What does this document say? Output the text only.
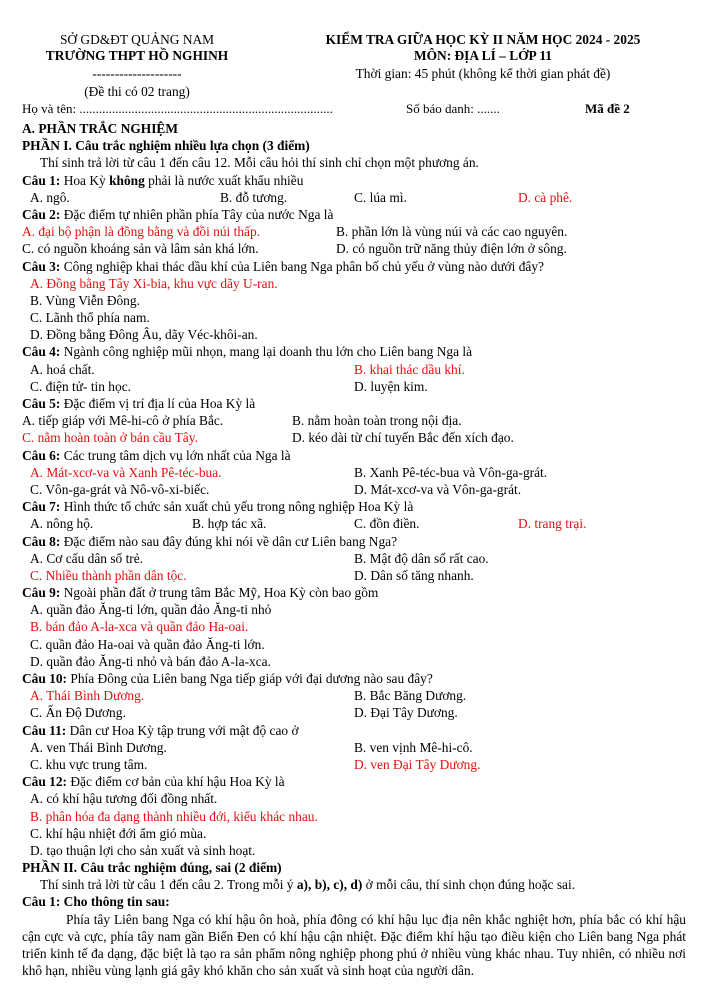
SỞ GD&ĐT QUẢNG NAM
TRƯỜNG THPT HỒ NGHINH
--------------------
(Đề thi có 02 trang)
KIỂM TRA GIỮA HỌC KỲ II NĂM HỌC 2024 - 2025
MÔN: ĐỊA LÍ – LỚP 11
Thời gian: 45 phút (không kể thời gian phát đề)
Họ và tên: ..............................................................................	Số báo danh: .......	Mã đề 2
A. PHẦN TRẮC NGHIỆM
PHẦN I. Câu trắc nghiệm nhiều lựa chọn (3 điểm)
Thí sinh trả lời từ câu 1 đến câu 12. Mỗi câu hỏi thí sinh chỉ chọn một phương án.
Câu 1: Hoa Kỳ không phải là nước xuất khẩu nhiều
A. ngô.	B. đỗ tương.	C. lúa mì.	D. cà phê.
Câu 2: Đặc điểm tự nhiên phần phía Tây của nước Nga là
A. đại bộ phận là đồng bằng và đồi núi thấp.	B. phần lớn là vùng núi và các cao nguyên.
C. có nguồn khoáng sản và lâm sản khá lớn.	D. có nguồn trữ năng thủy điện lớn ở sông.
Câu 3: Công nghiệp khai thác dầu khí của Liên bang Nga phân bố chủ yếu ở vùng nào dưới đây?
A. Đồng bằng Tây Xi-bia, khu vực dãy U-ran.
B. Vùng Viễn Đông.
C. Lãnh thổ phía nam.
D. Đồng bằng Đông Âu, dãy Véc-khôi-an.
Câu 4: Ngành công nghiệp mũi nhọn, mang lại doanh thu lớn cho Liên bang Nga là
A. hoá chất.	B. khai thác dầu khí.
C. điện tử- tin học.	D. luyện kim.
Câu 5: Đặc điểm vị trí địa lí của Hoa Kỳ là
A. tiếp giáp với Mê-hi-cô ở phía Bắc.	B. nằm hoàn toàn trong nội địa.
C. nằm hoàn toàn ở bán cầu Tây.	D. kéo dài từ chí tuyến Bắc đến xích đạo.
Câu 6: Các trung tâm dịch vụ lớn nhất của Nga là
A. Mát-xcơ-va và Xanh Pê-téc-bua.	B. Xanh Pê-téc-bua và Vôn-ga-grát.
C. Vôn-ga-grát và Nô-vô-xi-biếc.	D. Mát-xcơ-va và Vôn-ga-grát.
Câu 7: Hình thức tổ chức sản xuất chủ yếu trong nông nghiệp Hoa Kỳ là
A. nông hộ.	B. hợp tác xã.	C. đồn điền.	D. trang trại.
Câu 8: Đặc điểm nào sau đây đúng khi nói về dân cư Liên bang Nga?
A. Cơ cấu dân số trẻ.	B. Mật độ dân số rất cao.
C. Nhiều thành phần dân tộc.	D. Dân số tăng nhanh.
Câu 9: Ngoài phần đất ở trung tâm Bắc Mỹ, Hoa Kỳ còn bao gồm
A. quần đảo Ăng-ti lớn, quần đảo Ăng-ti nhỏ
B. bán đảo A-la-xca và quần đảo Ha-oai.
C. quần đảo Ha-oai và quần đảo Ăng-ti lớn.
D. quần đảo Ăng-ti nhỏ và bán đảo A-la-xca.
Câu 10: Phía Đông của Liên bang Nga tiếp giáp với đại dương nào sau đây?
A. Thái Bình Dương.	B. Bắc Băng Dương.
C. Ấn Độ Dương.	D. Đại Tây Dương.
Câu 11: Dân cư Hoa Kỳ tập trung với mật độ cao ở
A. ven Thái Bình Dương.	B. ven vịnh Mê-hi-cô.
C. khu vực trung tâm.	D. ven Đại Tây Dương.
Câu 12: Đặc điểm cơ bản của khí hậu Hoa Kỳ là
A. có khí hậu tương đối đồng nhất.
B. phân hóa đa dạng thành nhiều đới, kiểu khác nhau.
C. khí hậu nhiệt đới ẩm gió mùa.
D. tạo thuận lợi cho sản xuất và sinh hoạt.
PHẦN II. Câu trắc nghiệm đúng, sai (2 điểm)
Thí sinh trả lời từ câu 1 đến câu 2. Trong mỗi ý a), b), c), d) ở mỗi câu, thí sinh chọn đúng hoặc sai.
Câu 1: Cho thông tin sau:
Phía tây Liên bang Nga có khí hậu ôn hoà, phía đông có khí hậu lục địa nên khắc nghiệt hơn, phía bắc có khí hậu cận cực và cực, phía tây nam gần Biển Đen có khí hậu cận nhiệt. Đặc điểm khí hậu tạo điều kiện cho Liên bang Nga phát triển kinh tế đa dạng, đặc biệt là tạo ra sản phẩm nông nghiệp phong phú ở nhiều vùng khác nhau. Tuy nhiên, có nhiều nơi khô hạn, nhiều vùng lạnh giá gây khó khăn cho sản xuất và sinh hoạt của người dân.
